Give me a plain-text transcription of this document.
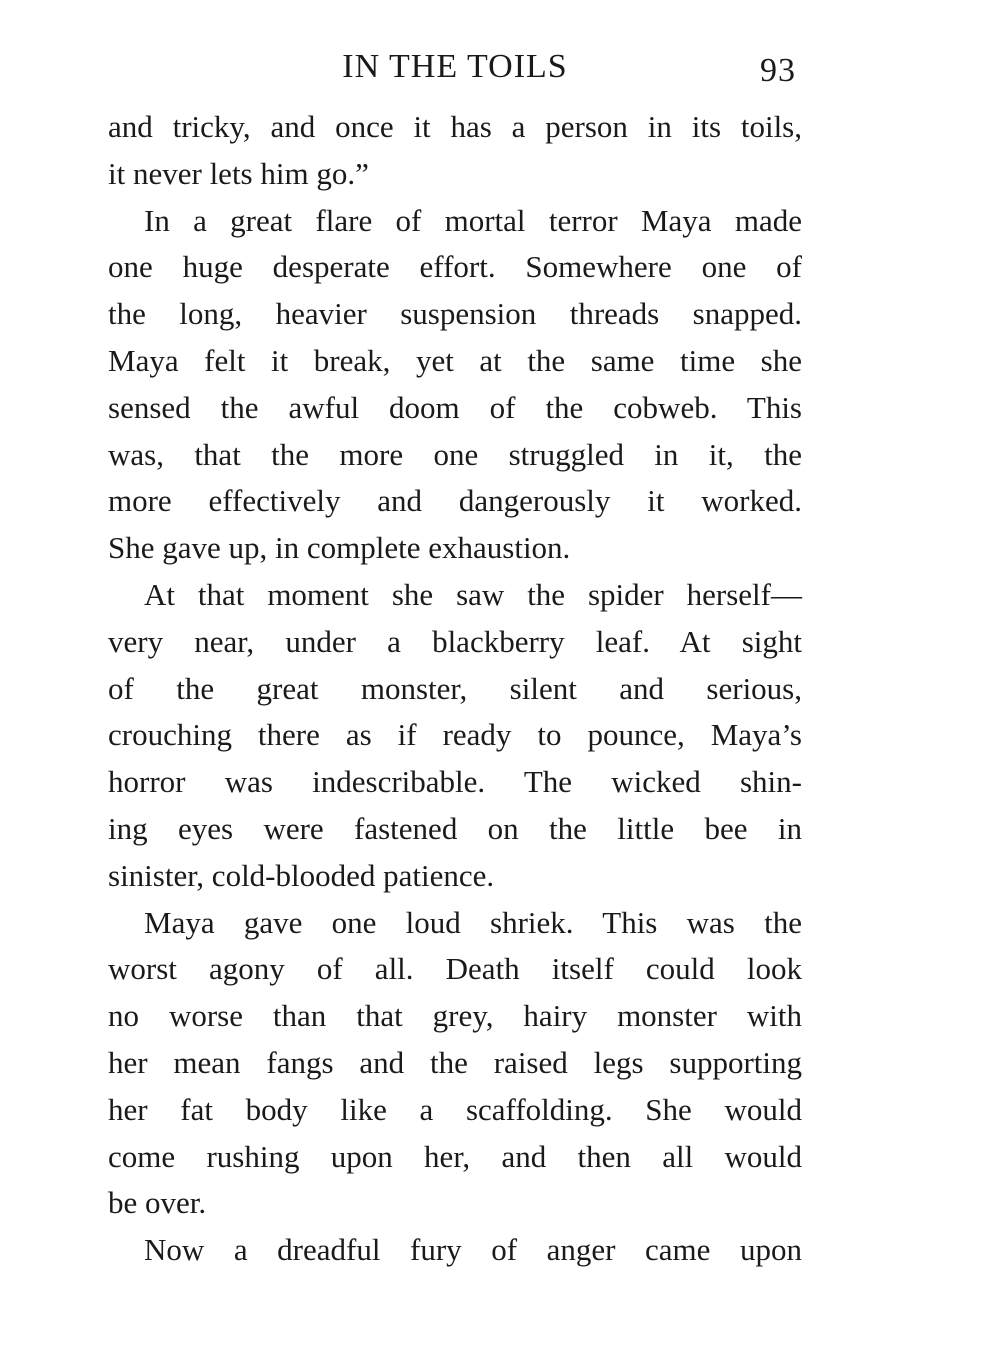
IN THE TOILS	93
and tricky, and once it has a person in its toils,
it never lets him go.”
In a great flare of mortal terror Maya made
one huge desperate effort. Somewhere one of
the long, heavier suspension threads snapped.
Maya felt it break, yet at the same time she
sensed the awful doom of the cobweb. This
was, that the more one struggled in it, the
more effectively and dangerously it worked.
She gave up, in complete exhaustion.
At that moment she saw the spider herself—
very near, under a blackberry leaf. At sight
of the great monster, silent and serious,
crouching there as if ready to pounce, Maya’s
horror was indescribable. The wicked shin-
ing eyes were fastened on the little bee in
sinister, cold-blooded patience.
Maya gave one loud shriek. This was the
worst agony of all. Death itself could look
no worse than that grey, hairy monster with
her mean fangs and the raised legs supporting
her fat body like a scaffolding. She would
come rushing upon her, and then all would
be over.
Now a dreadful fury of anger came upon
